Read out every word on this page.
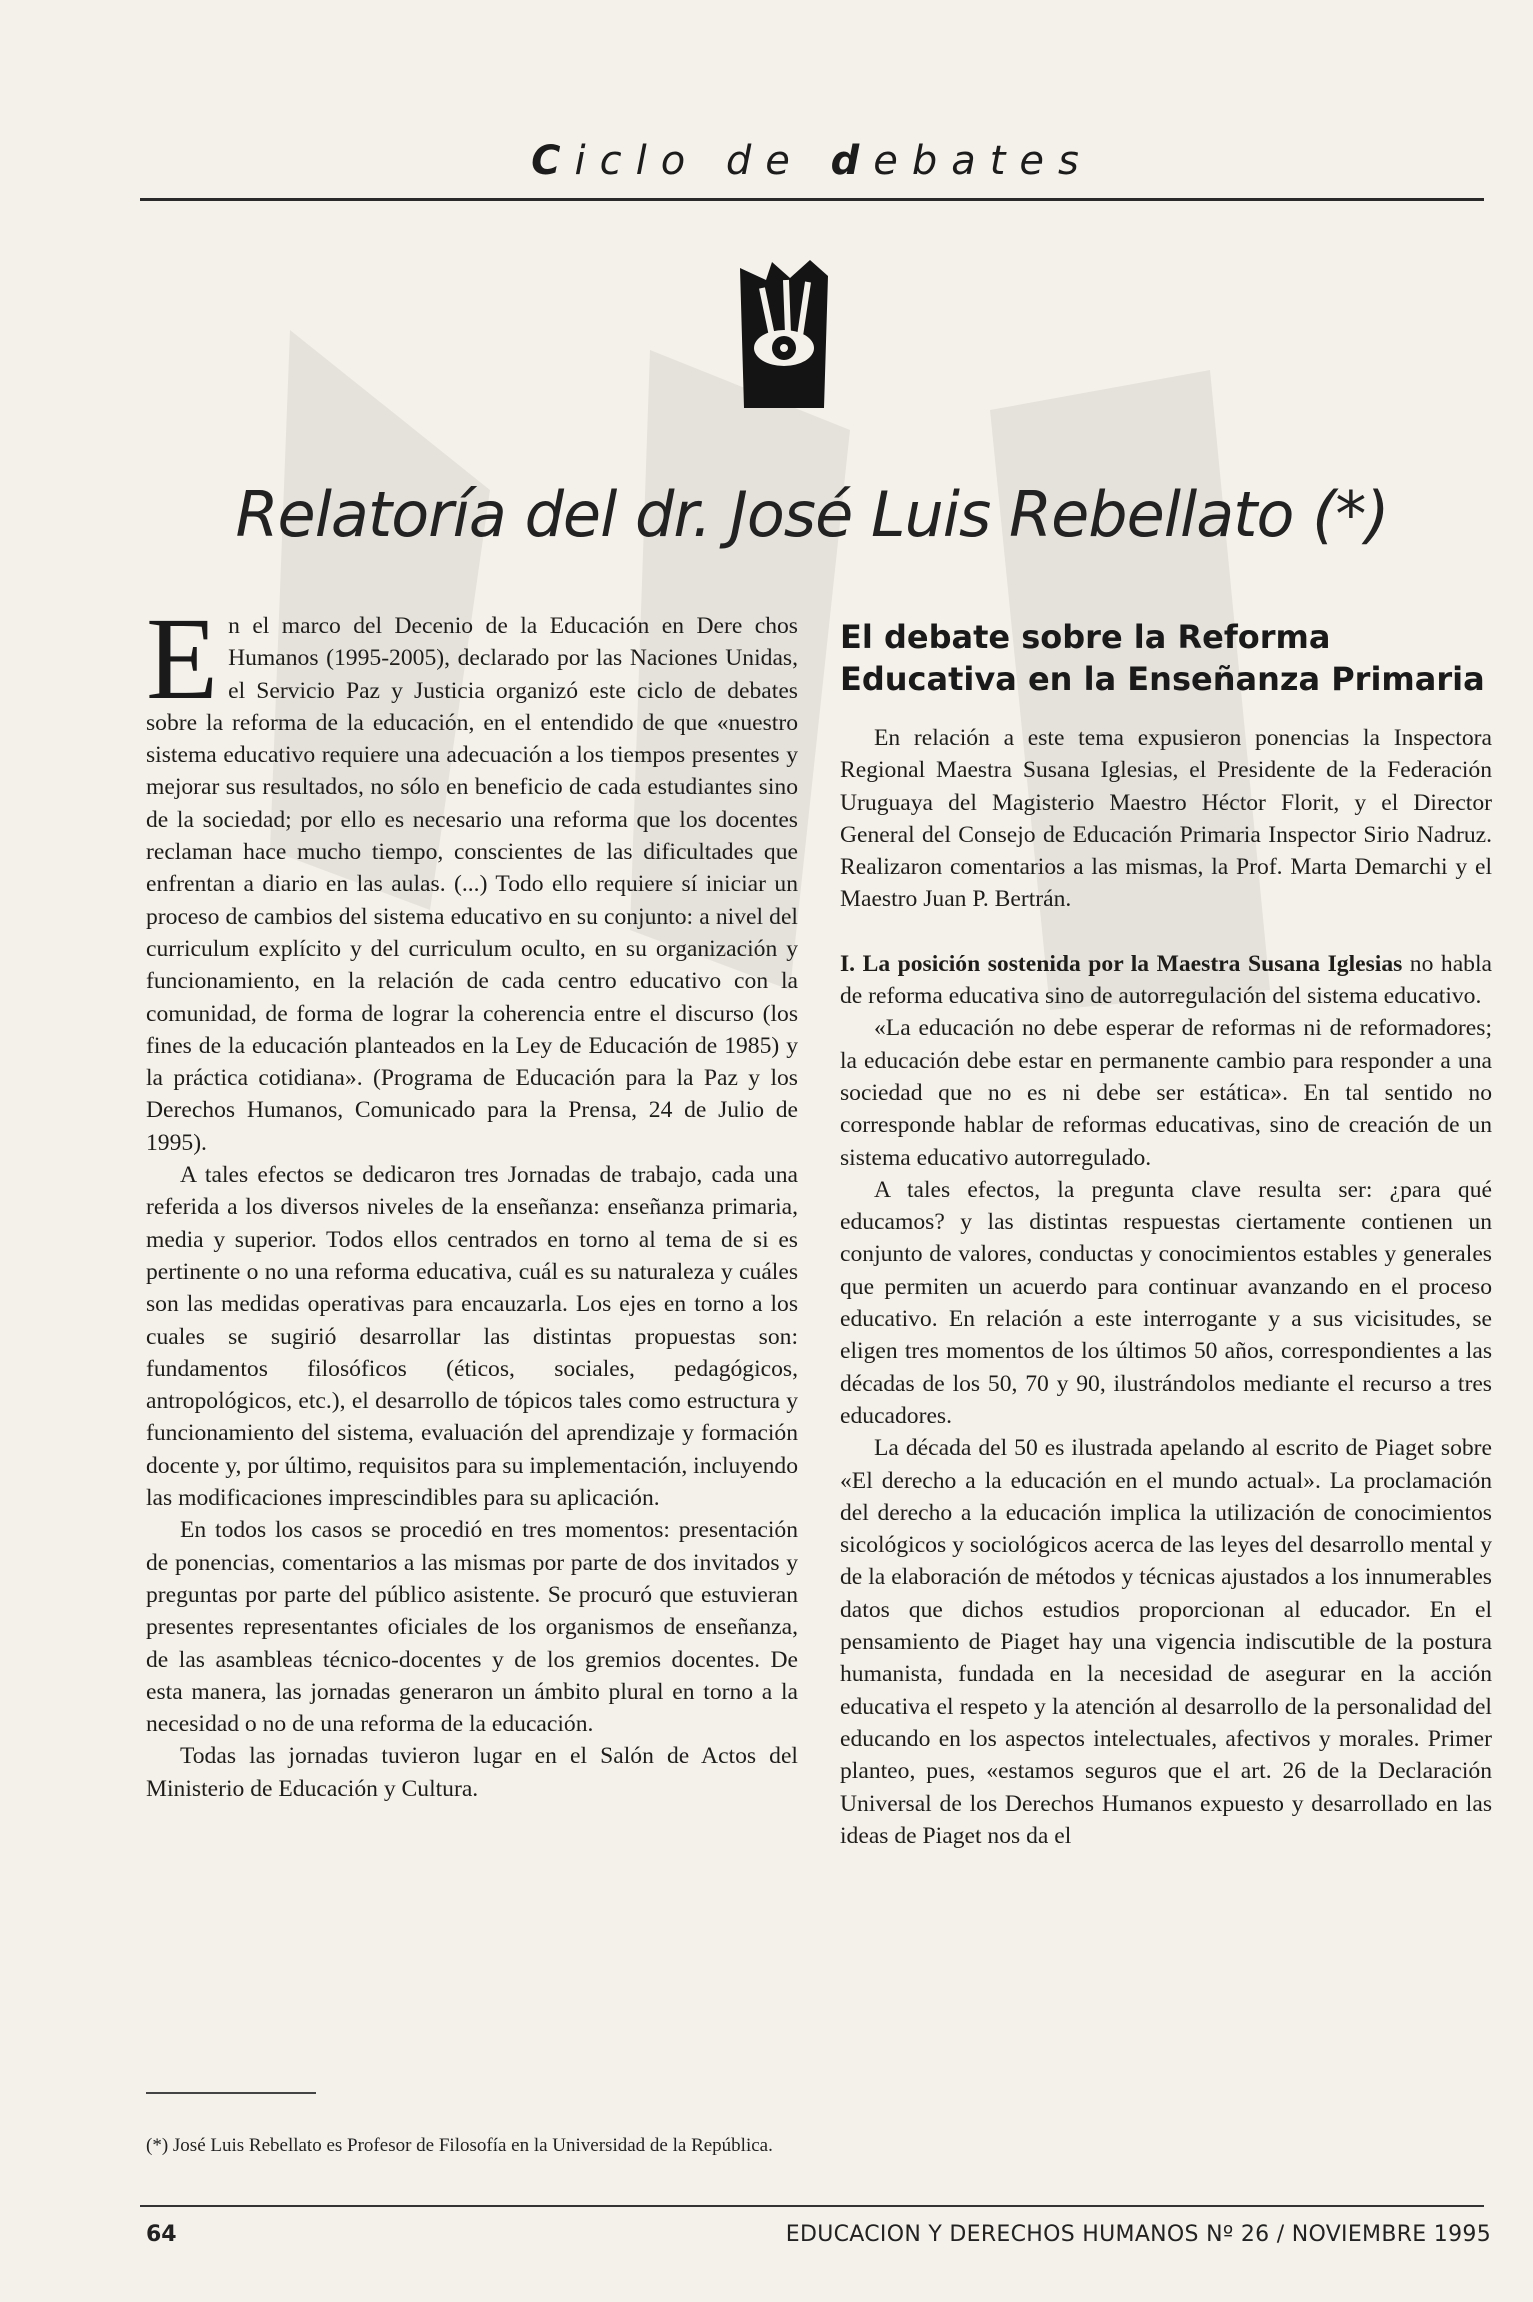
Ciclo de debates
Relatoría del dr. José Luis Rebellato (*)

En el marco del Decenio de la Educación en Dere chos Humanos (1995-2005), declarado por las Naciones Unidas, el Servicio Paz y Justicia organizó este ciclo de debates sobre la reforma de la educación, en el entendido de que «nuestro sistema educativo requiere una adecuación a los tiempos presentes y mejorar sus resultados, no sólo en beneficio de cada estudiantes sino de la sociedad; por ello es necesario una reforma que los docentes reclaman hace mucho tiempo, conscientes de las dificultades que enfrentan a diario en las aulas. (...) Todo ello requiere sí iniciar un proceso de cambios del sistema educativo en su conjunto: a nivel del curriculum explícito y del curriculum oculto, en su organización y funcionamiento, en la relación de cada centro educativo con la comunidad, de forma de lograr la coherencia entre el discurso (los fines de la educación planteados en la Ley de Educación de 1985) y la práctica cotidiana». (Programa de Educación para la Paz y los Derechos Humanos, Comunicado para la Prensa, 24 de Julio de 1995).

A tales efectos se dedicaron tres Jornadas de trabajo, cada una referida a los diversos niveles de la enseñanza: enseñanza primaria, media y superior. Todos ellos centrados en torno al tema de si es pertinente o no una reforma educativa, cuál es su naturaleza y cuáles son las medidas operativas para encauzarla. Los ejes en torno a los cuales se sugirió desarrollar las distintas propuestas son: fundamentos filosóficos (éticos, sociales, pedagógicos, antropológicos, etc.), el desarrollo de tópicos tales como estructura y funcionamiento del sistema, evaluación del aprendizaje y formación docente y, por último, requisitos para su implementación, incluyendo las modificaciones imprescindibles para su aplicación.

En todos los casos se procedió en tres momentos: presentación de ponencias, comentarios a las mismas por parte de dos invitados y preguntas por parte del público asistente. Se procuró que estuvieran presentes representantes oficiales de los organismos de enseñanza, de las asambleas técnico-docentes y de los gremios docentes. De esta manera, las jornadas generaron un ámbito plural en torno a la necesidad o no de una reforma de la educación.

Todas las jornadas tuvieron lugar en el Salón de Actos del Ministerio de Educación y Cultura.

El debate sobre la Reforma Educativa en la Enseñanza Primaria

En relación a este tema expusieron ponencias la Inspectora Regional Maestra Susana Iglesias, el Presidente de la Federación Uruguaya del Magisterio Maestro Héctor Florit, y el Director General del Consejo de Educación Primaria Inspector Sirio Nadruz. Realizaron comentarios a las mismas, la Prof. Marta Demarchi y el Maestro Juan P. Bertrán.

I. La posición sostenida por la Maestra Susana Iglesias no habla de reforma educativa sino de autorregulación del sistema educativo.

«La educación no debe esperar de reformas ni de reformadores; la educación debe estar en permanente cambio para responder a una sociedad que no es ni debe ser estática». En tal sentido no corresponde hablar de reformas educativas, sino de creación de un sistema educativo autorregulado.

A tales efectos, la pregunta clave resulta ser: ¿para qué educamos? y las distintas respuestas ciertamente contienen un conjunto de valores, conductas y conocimientos estables y generales que permiten un acuerdo para continuar avanzando en el proceso educativo. En relación a este interrogante y a sus vicisitudes, se eligen tres momentos de los últimos 50 años, correspondientes a las décadas de los 50, 70 y 90, ilustrándolos mediante el recurso a tres educadores.

La década del 50 es ilustrada apelando al escrito de Piaget sobre «El derecho a la educación en el mundo actual». La proclamación del derecho a la educación implica la utilización de conocimientos sicológicos y sociológicos acerca de las leyes del desarrollo mental y de la elaboración de métodos y técnicas ajustados a los innumerables datos que dichos estudios proporcionan al educador. En el pensamiento de Piaget hay una vigencia indiscutible de la postura humanista, fundada en la necesidad de asegurar en la acción educativa el respeto y la atención al desarrollo de la personalidad del educando en los aspectos intelectuales, afectivos y morales. Primer planteo, pues, «estamos seguros que el art. 26 de la Declaración Universal de los Derechos Humanos expuesto y desarrollado en las ideas de Piaget nos da el

(*) José Luis Rebellato es Profesor de Filosofía en la Universidad de la República.
64	EDUCACION Y DERECHOS HUMANOS Nº 26 / NOVIEMBRE 1995
